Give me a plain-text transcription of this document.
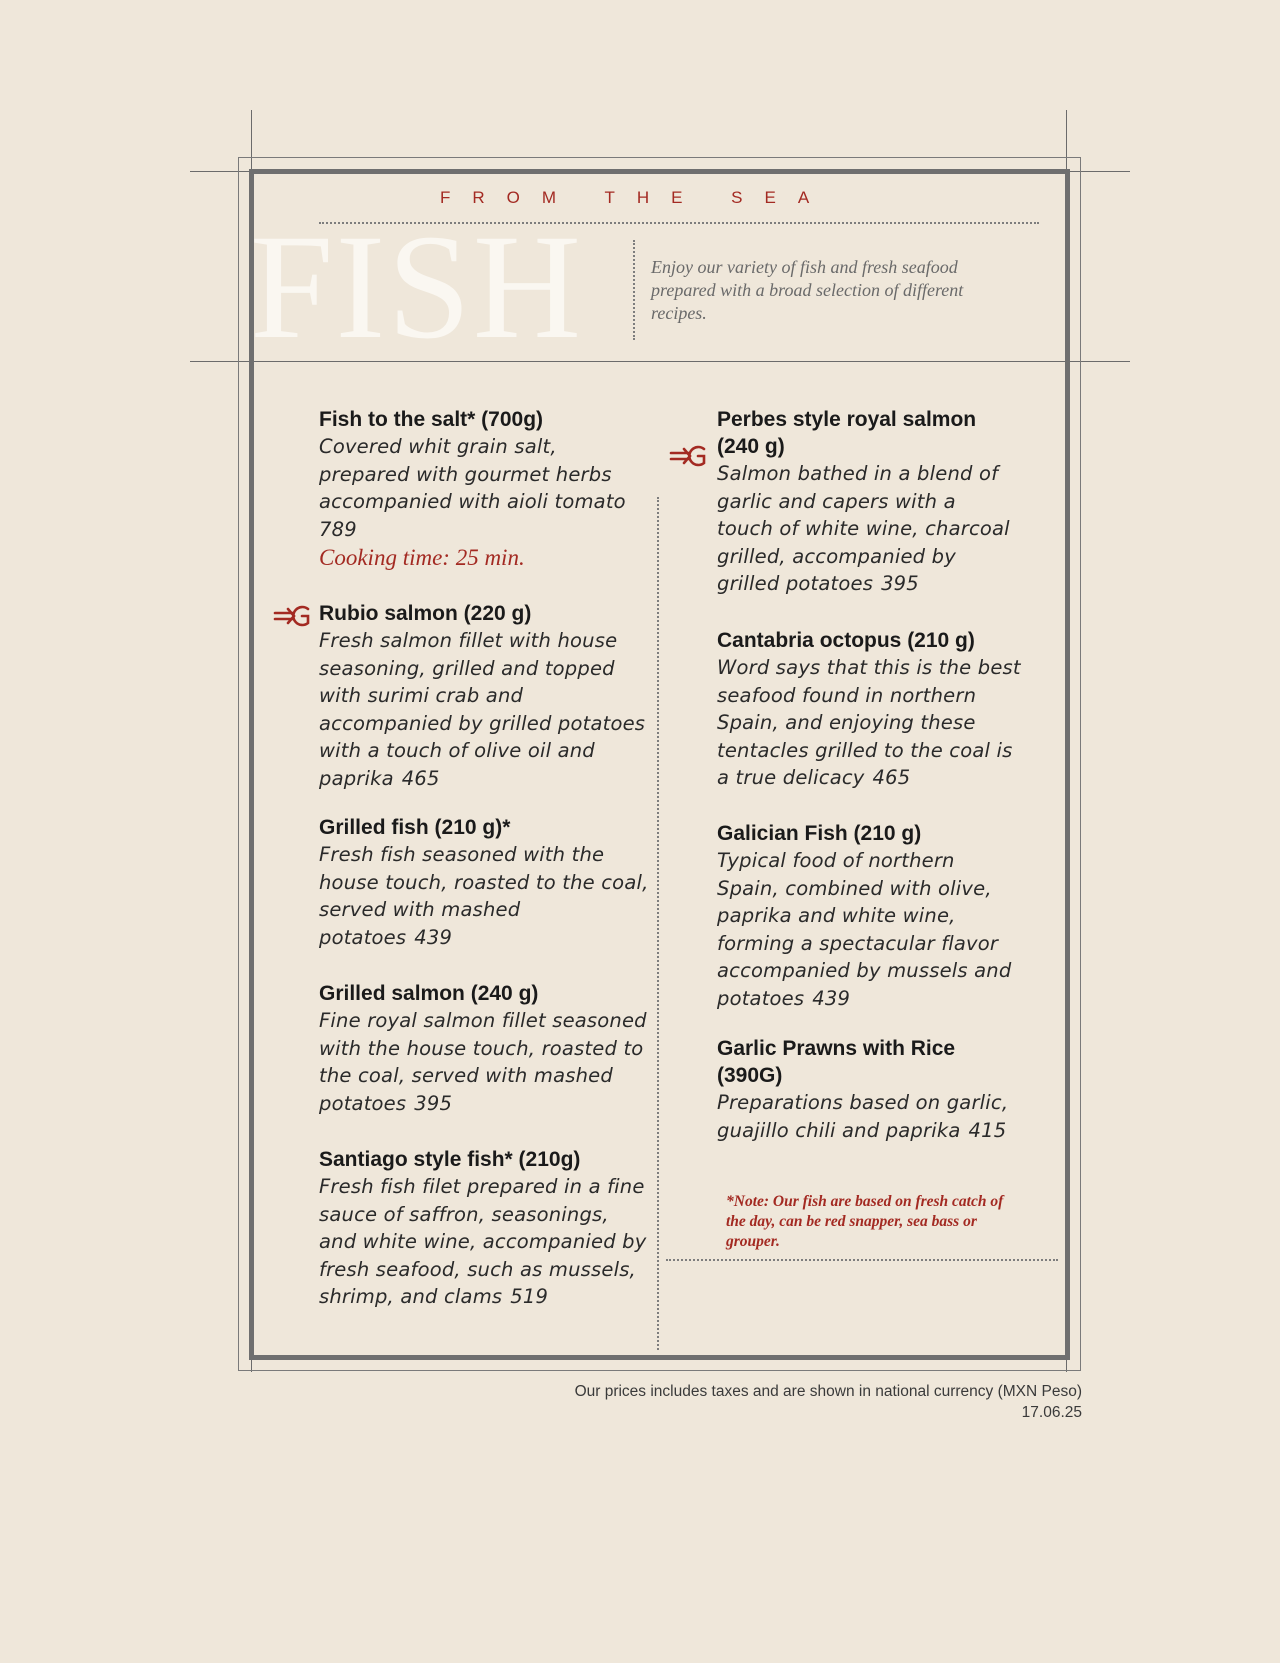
FISH
FROM THE SEA
Enjoy our variety of fish and fresh seafood prepared with a broad selection of different recipes.
Fish to the salt* (700g)
Covered whit grain salt, prepared with gourmet herbs accompanied with aioli tomato
789
Cooking time: 25 min.
Rubio salmon (220 g)
Fresh salmon fillet with house seasoning, grilled and topped with surimi crab and accompanied by grilled potatoes with a touch of olive oil and paprika 465
Grilled fish (210 g)*
Fresh fish seasoned with the house touch, roasted to the coal, served with mashed potatoes 439
Grilled salmon (240 g)
Fine royal salmon fillet seasoned with the house touch, roasted to the coal, served with mashed potatoes 395
Santiago style fish* (210g)
Fresh fish filet prepared in a fine sauce of saffron, seasonings, and white wine, accompanied by fresh seafood, such as mussels, shrimp, and clams 519
Perbes style royal salmon (240 g)
Salmon bathed in a blend of garlic and capers with a touch of white wine, charcoal grilled, accompanied by grilled potatoes 395
Cantabria octopus (210 g)
Word says that this is the best seafood found in northern Spain, and enjoying these tentacles grilled to the coal is a true delicacy 465
Galician Fish (210 g)
Typical food of northern Spain, combined with olive, paprika and white wine, forming a spectacular flavor accompanied by mussels and potatoes 439
Garlic Prawns with Rice (390G)
Preparations based on garlic, guajillo chili and paprika 415
*Note: Our fish are based on fresh catch of the day, can be red snapper, sea bass or grouper.
Our prices includes taxes and are shown in national currency (MXN Peso)
17.06.25
